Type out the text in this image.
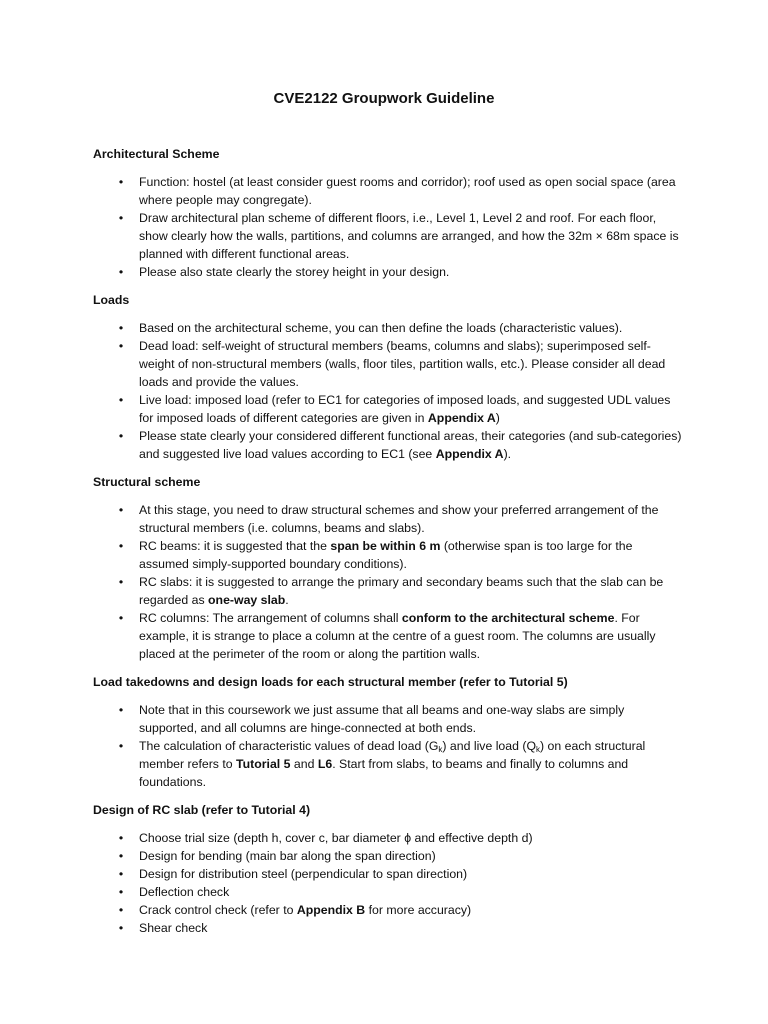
CVE2122 Groupwork Guideline
Architectural Scheme
• Function: hostel (at least consider guest rooms and corridor); roof used as open social space (area where people may congregate).
• Draw architectural plan scheme of different floors, i.e., Level 1, Level 2 and roof. For each floor, show clearly how the walls, partitions, and columns are arranged, and how the 32m × 68m space is planned with different functional areas.
• Please also state clearly the storey height in your design.
Loads
• Based on the architectural scheme, you can then define the loads (characteristic values).
• Dead load: self-weight of structural members (beams, columns and slabs); superimposed self-weight of non-structural members (walls, floor tiles, partition walls, etc.). Please consider all dead loads and provide the values.
• Live load: imposed load (refer to EC1 for categories of imposed loads, and suggested UDL values for imposed loads of different categories are given in Appendix A)
• Please state clearly your considered different functional areas, their categories (and sub-categories) and suggested live load values according to EC1 (see Appendix A).
Structural scheme
• At this stage, you need to draw structural schemes and show your preferred arrangement of the structural members (i.e. columns, beams and slabs).
• RC beams: it is suggested that the span be within 6 m (otherwise span is too large for the assumed simply-supported boundary conditions).
• RC slabs: it is suggested to arrange the primary and secondary beams such that the slab can be regarded as one-way slab.
• RC columns: The arrangement of columns shall conform to the architectural scheme. For example, it is strange to place a column at the centre of a guest room. The columns are usually placed at the perimeter of the room or along the partition walls.
Load takedowns and design loads for each structural member (refer to Tutorial 5)
• Note that in this coursework we just assume that all beams and one-way slabs are simply supported, and all columns are hinge-connected at both ends.
• The calculation of characteristic values of dead load $(G_k)$ and live load $(Q_k)$ on each structural member refers to Tutorial 5 and L6. Start from slabs, to beams and finally to columns and foundations.
Design of RC slab (refer to Tutorial 4)
• Choose trial size (depth h, cover c, bar diameter ϕ and effective depth d)
• Design for bending (main bar along the span direction)
• Design for distribution steel (perpendicular to span direction)
• Deflection check
• Crack control check (refer to Appendix B for more accuracy)
• Shear check
